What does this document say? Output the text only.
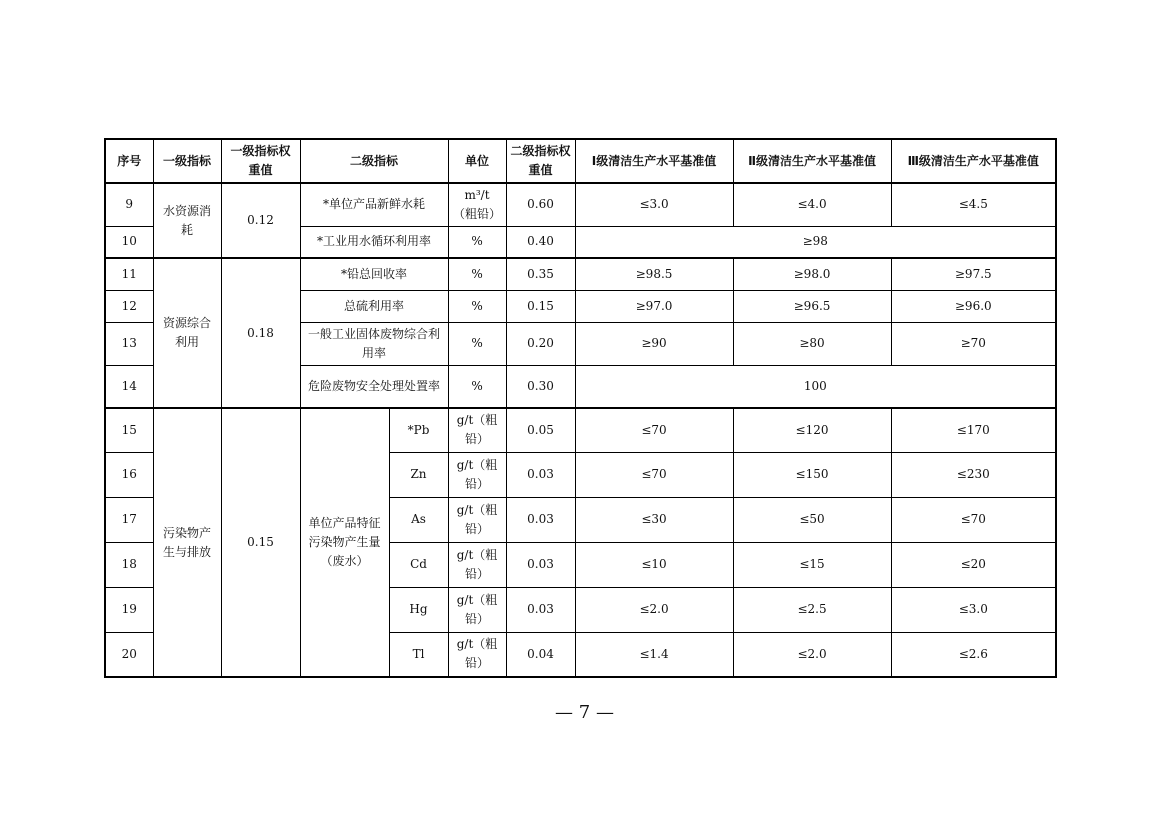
序号	一级指标	一级指标权重值	二级指标		单位	二级指标权重值	Ⅰ级清洁生产水平基准值	Ⅱ级清洁生产水平基准值	Ⅲ级清洁生产水平基准值
9	水资源消耗	0.12	*单位产品新鲜水耗		m³/t（粗铅）	0.60	≤3.0	≤4.0	≤4.5
10			*工业用水循环利用率		%	0.40	≥98		
11	资源综合利用	0.18	*铅总回收率		%	0.35	≥98.5	≥98.0	≥97.5
12			总硫利用率		%	0.15	≥97.0	≥96.5	≥96.0
13			一般工业固体废物综合利用率		%	0.20	≥90	≥80	≥70
14			危险废物安全处理处置率		%	0.30	100		
15	污染物产生与排放	0.15	单位产品特征污染物产生量（废水）	*Pb	g/t（粗铅）	0.05	≤70	≤120	≤170
16				Zn	g/t（粗铅）	0.03	≤70	≤150	≤230
17				As	g/t（粗铅）	0.03	≤30	≤50	≤70
18				Cd	g/t（粗铅）	0.03	≤10	≤15	≤20
19				Hg	g/t（粗铅）	0.03	≤2.0	≤2.5	≤3.0
20				Tl	g/t（粗铅）	0.04	≤1.4	≤2.0	≤2.6
— 7 —
